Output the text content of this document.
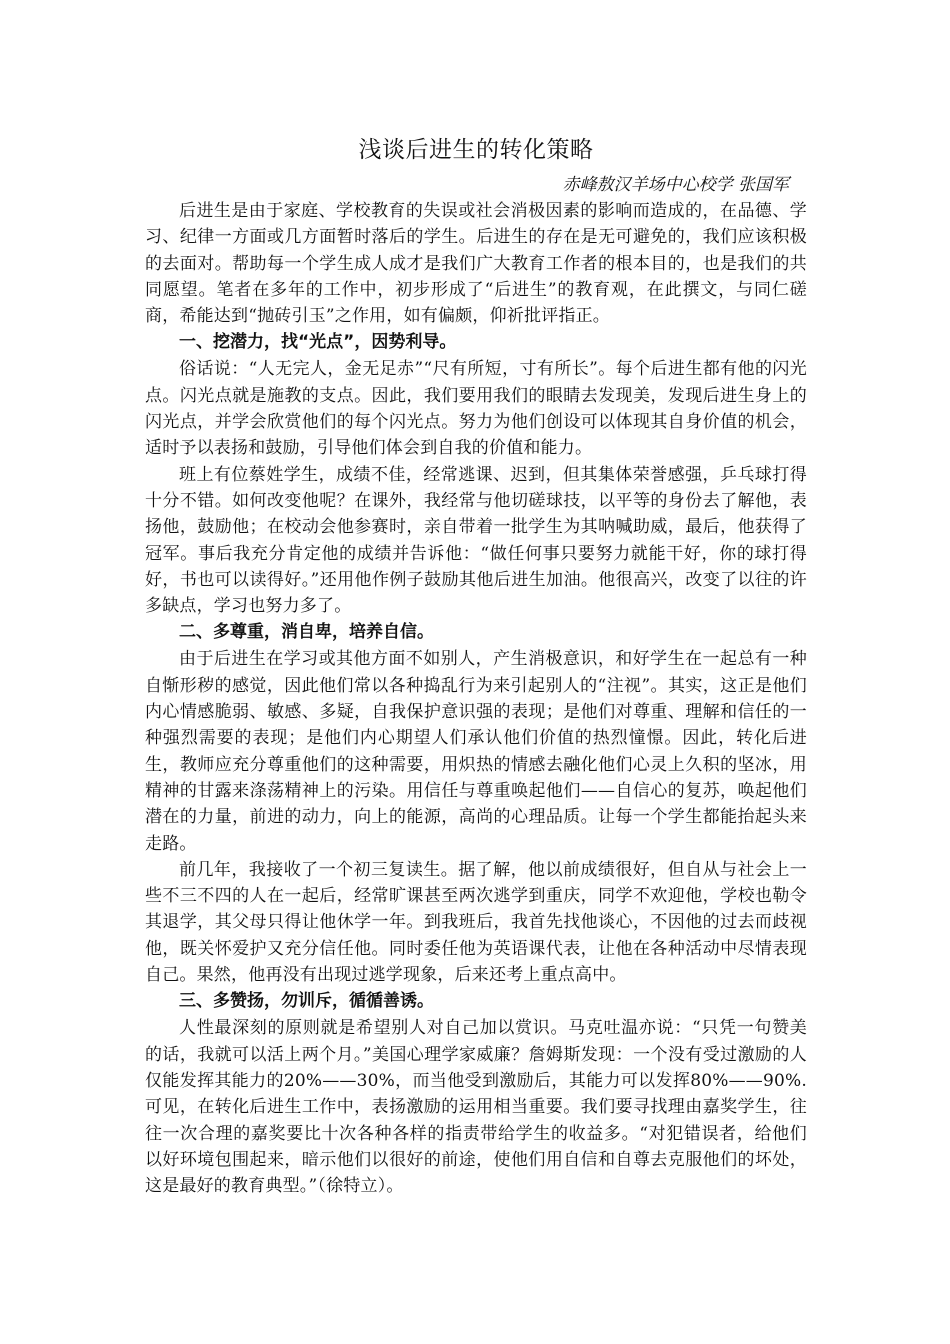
浅谈后进生的转化策略
赤峰敖汉羊场中心校学 张国军

后进生是由于家庭、学校教育的失误或社会消极因素的影响而造成的，在品德、学习、纪律一方面或几方面暂时落后的学生。后进生的存在是无可避免的，我们应该积极的去面对。帮助每一个学生成人成才是我们广大教育工作者的根本目的，也是我们的共同愿望。笔者在多年的工作中，初步形成了“后进生”的教育观，在此撰文，与同仁磋商，希能达到“抛砖引玉”之作用，如有偏颇，仰祈批评指正。

一、挖潜力，找“光点”，因势利导。

俗话说：“人无完人，金无足赤”“尺有所短，寸有所长”。每个后进生都有他的闪光点。闪光点就是施教的支点。因此，我们要用我们的眼睛去发现美，发现后进生身上的闪光点，并学会欣赏他们的每个闪光点。努力为他们创设可以体现其自身价值的机会，适时予以表扬和鼓励，引导他们体会到自我的价值和能力。

班上有位蔡姓学生，成绩不佳，经常逃课、迟到，但其集体荣誉感强，乒乓球打得十分不错。如何改变他呢？在课外，我经常与他切磋球技，以平等的身份去了解他，表扬他，鼓励他；在校动会他参赛时，亲自带着一批学生为其呐喊助威，最后，他获得了冠军。事后我充分肯定他的成绩并告诉他：“做任何事只要努力就能干好，你的球打得好，书也可以读得好。”还用他作例子鼓励其他后进生加油。他很高兴，改变了以往的许多缺点，学习也努力多了。

二、多尊重，消自卑，培养自信。

由于后进生在学习或其他方面不如别人，产生消极意识，和好学生在一起总有一种自惭形秽的感觉，因此他们常以各种捣乱行为来引起别人的“注视”。其实，这正是他们内心情感脆弱、敏感、多疑，自我保护意识强的表现；是他们对尊重、理解和信任的一种强烈需要的表现；是他们内心期望人们承认他们价值的热烈憧憬。因此，转化后进生，教师应充分尊重他们的这种需要，用炽热的情感去融化他们心灵上久积的坚冰，用精神的甘露来涤荡精神上的污染。用信任与尊重唤起他们——自信心的复苏，唤起他们潜在的力量，前进的动力，向上的能源，高尚的心理品质。让每一个学生都能抬起头来走路。

前几年，我接收了一个初三复读生。据了解，他以前成绩很好，但自从与社会上一些不三不四的人在一起后，经常旷课甚至两次逃学到重庆，同学不欢迎他，学校也勒令其退学，其父母只得让他休学一年。到我班后，我首先找他谈心，不因他的过去而歧视他，既关怀爱护又充分信任他。同时委任他为英语课代表，让他在各种活动中尽情表现自己。果然，他再没有出现过逃学现象，后来还考上重点高中。

三、多赞扬，勿训斥，循循善诱。

人性最深刻的原则就是希望别人对自己加以赏识。马克吐温亦说：“只凭一句赞美的话，我就可以活上两个月。”美国心理学家威廉？詹姆斯发现：一个没有受过激励的人仅能发挥其能力的20%——30%，而当他受到激励后，其能力可以发挥80%——90%.可见，在转化后进生工作中，表扬激励的运用相当重要。我们要寻找理由嘉奖学生，往往一次合理的嘉奖要比十次各种各样的指责带给学生的收益多。“对犯错误者，给他们以好环境包围起来，暗示他们以很好的前途，使他们用自信和自尊去克服他们的坏处，这是最好的教育典型。”（徐特立）。
